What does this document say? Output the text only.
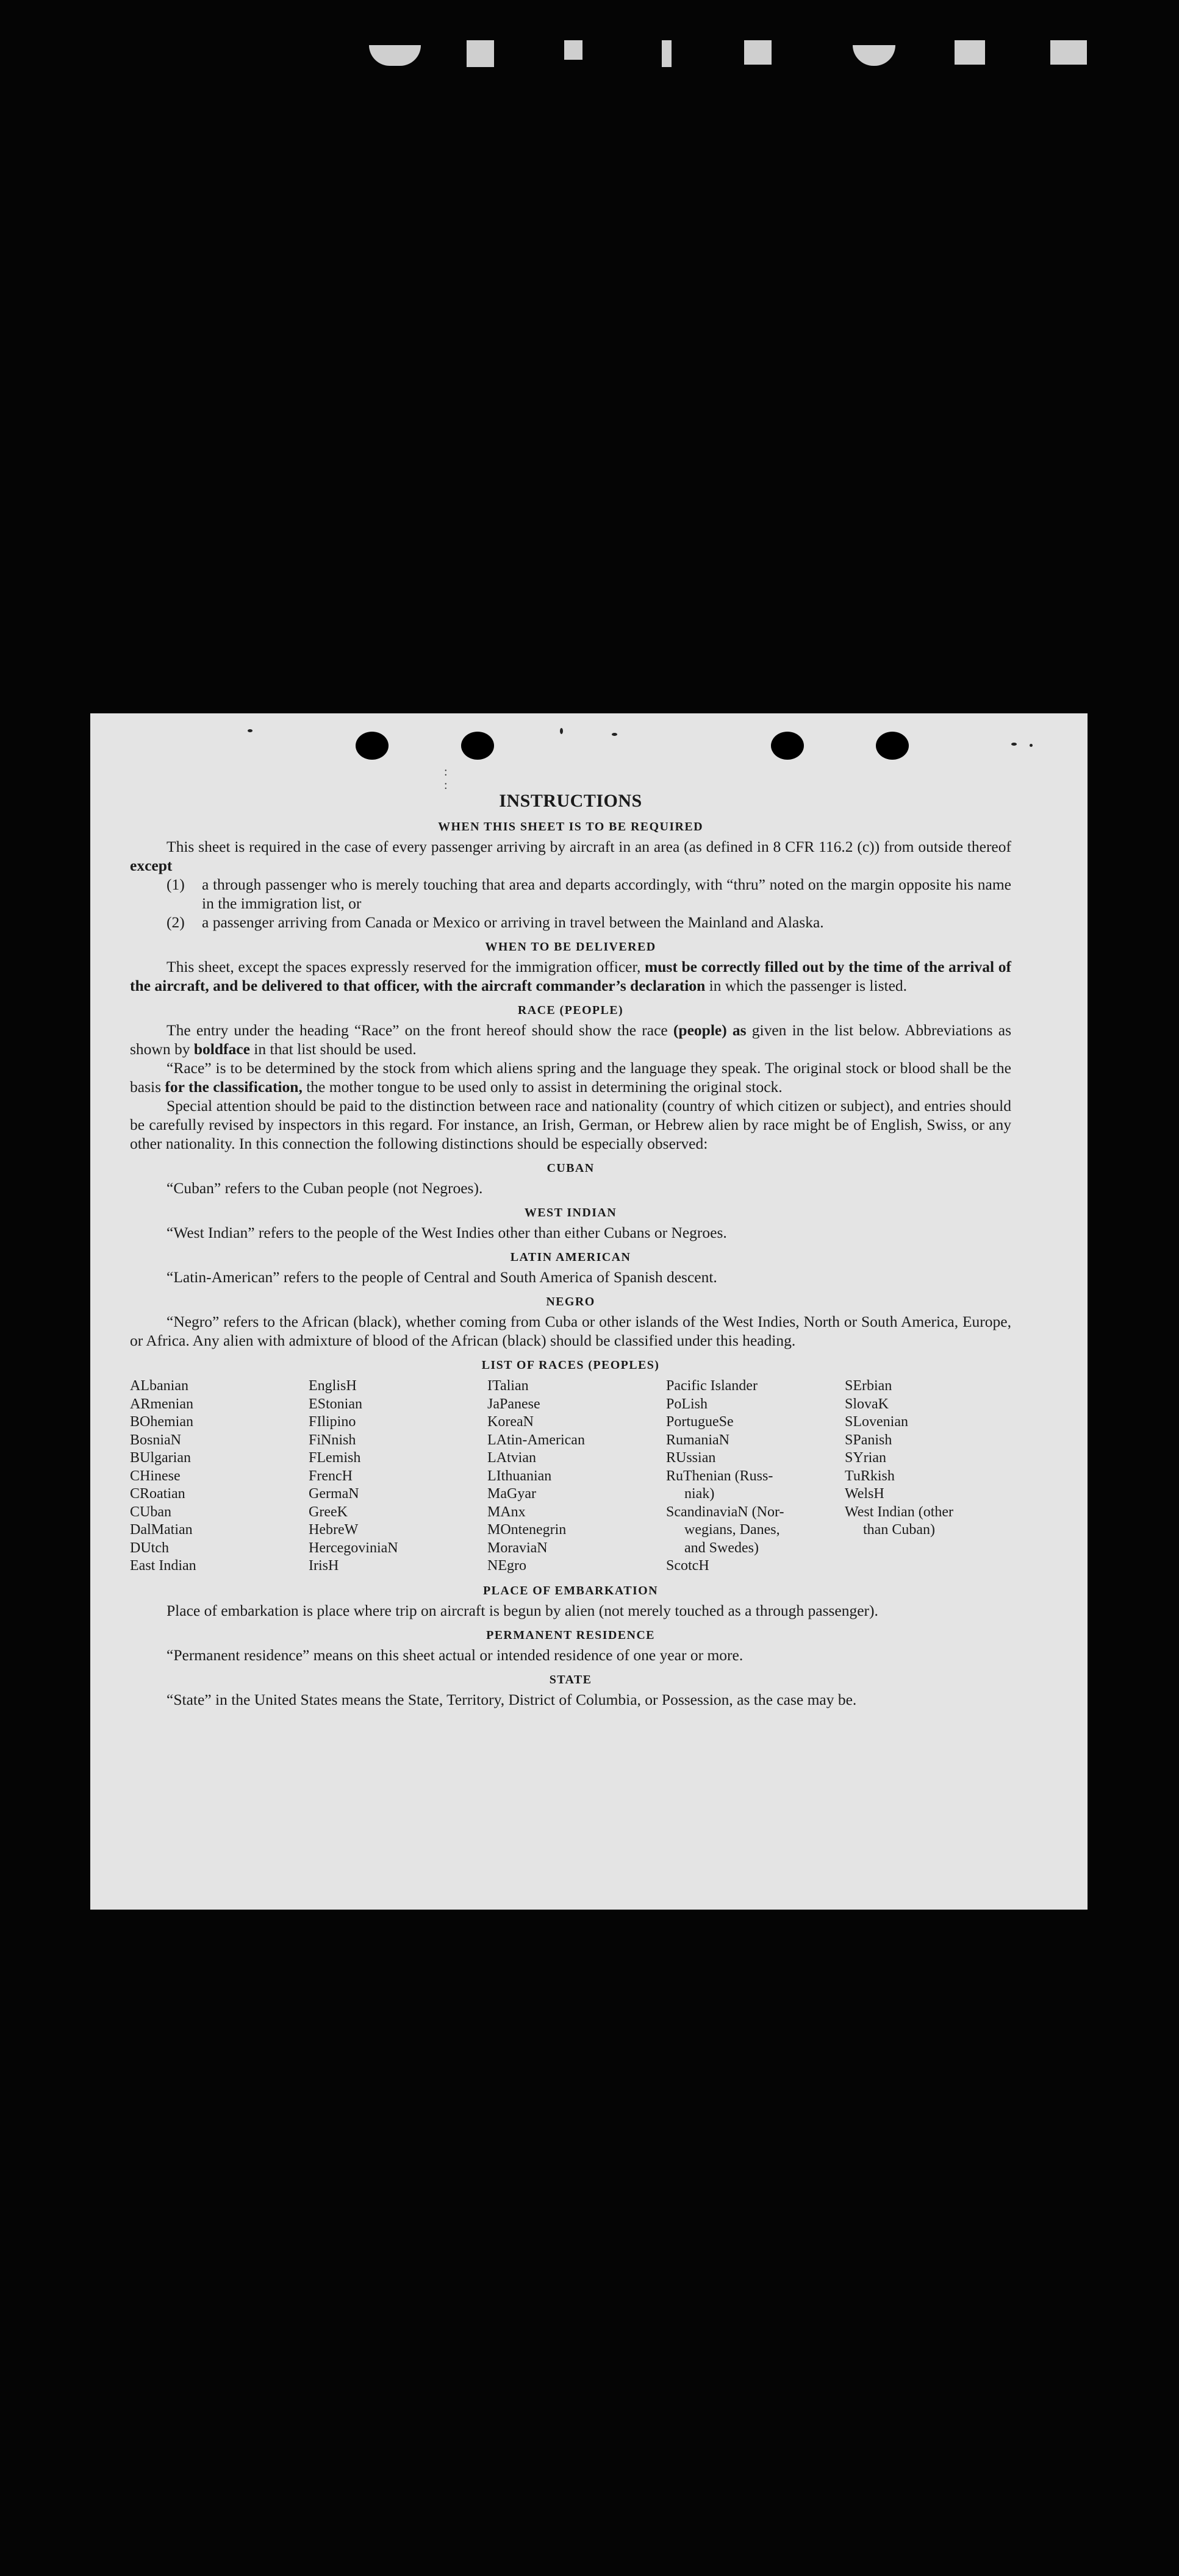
:
:
INSTRUCTIONS
WHEN THIS SHEET IS TO BE REQUIRED

This sheet is required in the case of every passenger arriving by aircraft in an area (as defined in 8 CFR 116.2 (c)) from outside thereof except

(1)	a through passenger who is merely touching that area and departs accordingly, with “thru” noted on the margin opposite his name in the immigration list, or
(2)	a passenger arriving from Canada or Mexico or arriving in travel between the Mainland and Alaska.
WHEN TO BE DELIVERED

This sheet, except the spaces expressly reserved for the immigration officer, must be correctly filled out by the time of the arrival of the aircraft, and be delivered to that officer, with the aircraft commander’s declaration in which the passenger is listed.

RACE (PEOPLE)

The entry under the heading “Race” on the front hereof should show the race (people) as given in the list below. Abbreviations as shown by boldface in that list should be used.

“Race” is to be determined by the stock from which aliens spring and the language they speak. The original stock or blood shall be the basis for the classification, the mother tongue to be used only to assist in determining the original stock.

Special attention should be paid to the distinction between race and nationality (country of which citizen or subject), and entries should be carefully revised by inspectors in this regard. For instance, an Irish, German, or Hebrew alien by race might be of English, Swiss, or any other nationality. In this connection the following distinctions should be especially observed:

CUBAN

“Cuban” refers to the Cuban people (not Negroes).

WEST INDIAN

“West Indian” refers to the people of the West Indies other than either Cubans or Negroes.

LATIN AMERICAN

“Latin-American” refers to the people of Central and South America of Spanish descent.

NEGRO

“Negro” refers to the African (black), whether coming from Cuba or other islands of the West Indies, North or South America, Europe, or Africa. Any alien with admixture of blood of the African (black) should be classified under this heading.

LIST OF RACES (PEOPLES)
ALbanian
ARmenian
BOhemian
BosniaN
BUlgarian
CHinese
CRoatian
CUban
DalMatian
DUtch
East Indian
EnglisH
EStonian
FIlipino
FiNnish
FLemish
FrencH
GermaN
GreeK
HebreW
HercegoviniaN
IrisH
ITalian
JaPanese
KoreaN
LAtin-American
LAtvian
LIthuanian
MaGyar
MAnx
MOntenegrin
MoraviaN
NEgro
Pacific Islander
PoLish
PortugueSe
RumaniaN
RUssian
RuThenian (Russ-
niak)
ScandinaviaN (Nor-
wegians, Danes,
and Swedes)
ScotcH
SErbian
SlovaK
SLovenian
SPanish
SYrian
TuRkish
WelsH
West Indian (other
than Cuban)
PLACE OF EMBARKATION

Place of embarkation is place where trip on aircraft is begun by alien (not merely touched as a through passenger).

PERMANENT RESIDENCE

“Permanent residence” means on this sheet actual or intended residence of one year or more.

STATE

“State” in the United States means the State, Territory, District of Columbia, or Possession, as the case may be.
